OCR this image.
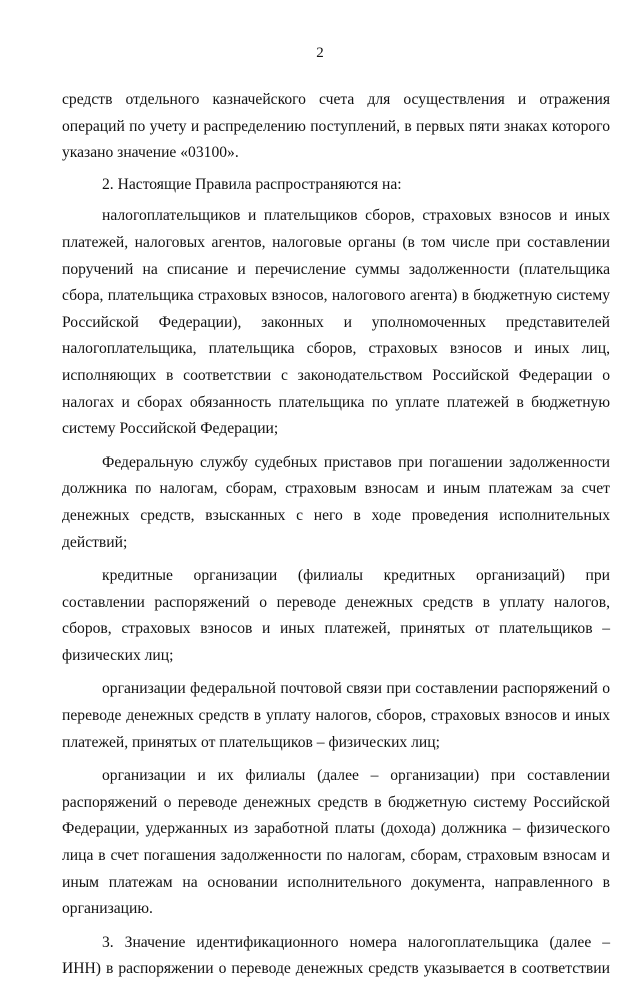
2

средств отдельного казначейского счета для осуществления и отражения операций по учету и распределению поступлений, в первых пяти знаках которого указано значение «03100».

2. Настоящие Правила распространяются на:

налогоплательщиков и плательщиков сборов, страховых взносов и иных платежей, налоговых агентов, налоговые органы (в том числе при составлении поручений на списание и перечисление суммы задолженности (плательщика сбора, плательщика страховых взносов, налогового агента) в бюджетную систему Российской Федерации), законных и уполномоченных представителей налогоплательщика, плательщика сборов, страховых взносов и иных лиц, исполняющих в соответствии с законодательством Российской Федерации о налогах и сборах обязанность плательщика по уплате платежей в бюджетную систему Российской Федерации;

Федеральную службу судебных приставов при погашении задолженности должника по налогам, сборам, страховым взносам и иным платежам за счет денежных средств, взысканных с него в ходе проведения исполнительных действий;

кредитные организации (филиалы кредитных организаций) при составлении распоряжений о переводе денежных средств в уплату налогов, сборов, страховых взносов и иных платежей, принятых от плательщиков – физических лиц;

организации федеральной почтовой связи при составлении распоряжений о переводе денежных средств в уплату налогов, сборов, страховых взносов и иных платежей, принятых от плательщиков – физических лиц;

организации и их филиалы (далее – организации) при составлении распоряжений о переводе денежных средств в бюджетную систему Российской Федерации, удержанных из заработной платы (дохода) должника – физического лица в счет погашения задолженности по налогам, сборам, страховым взносам и иным платежам на основании исполнительного документа, направленного в организацию.

3. Значение идентификационного номера налогоплательщика (далее – ИНН) в распоряжении о переводе денежных средств указывается в соответствии
